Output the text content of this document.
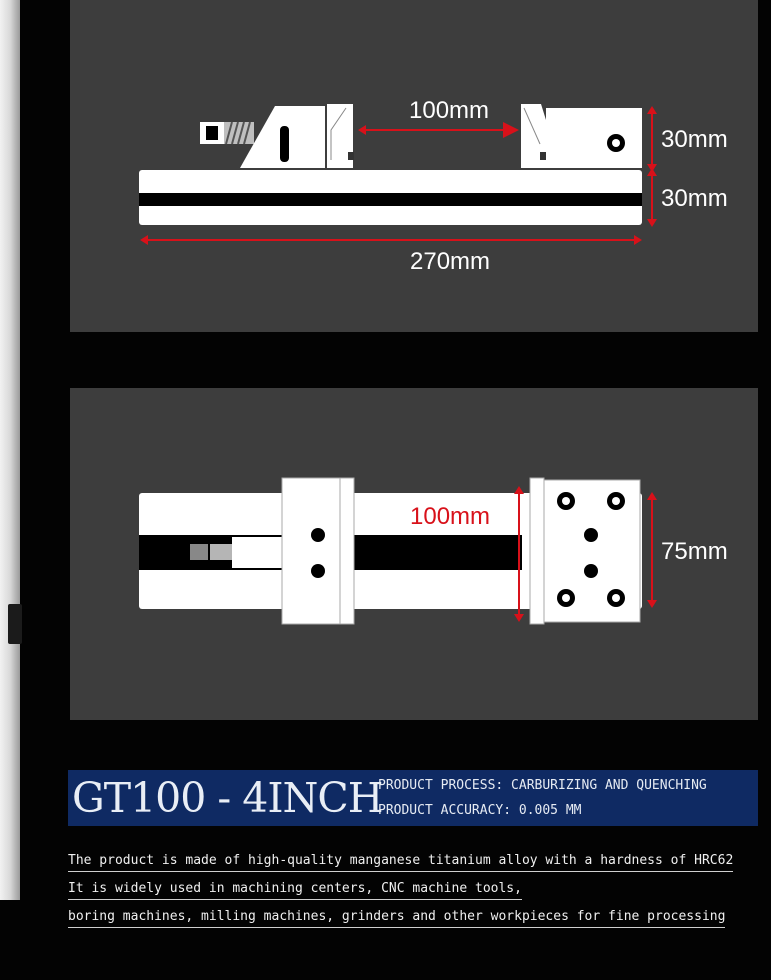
100mm
30mm
30mm
270mm
100mm
75mm
GT100 - 4INCH
PRODUCT PROCESS: CARBURIZING AND QUENCHING
PRODUCT ACCURACY: 0.005 MM
The product is made of high-quality manganese titanium alloy with a hardness of HRC62
It is widely used in machining centers, CNC machine tools,
boring machines, milling machines, grinders and other workpieces for fine processing
